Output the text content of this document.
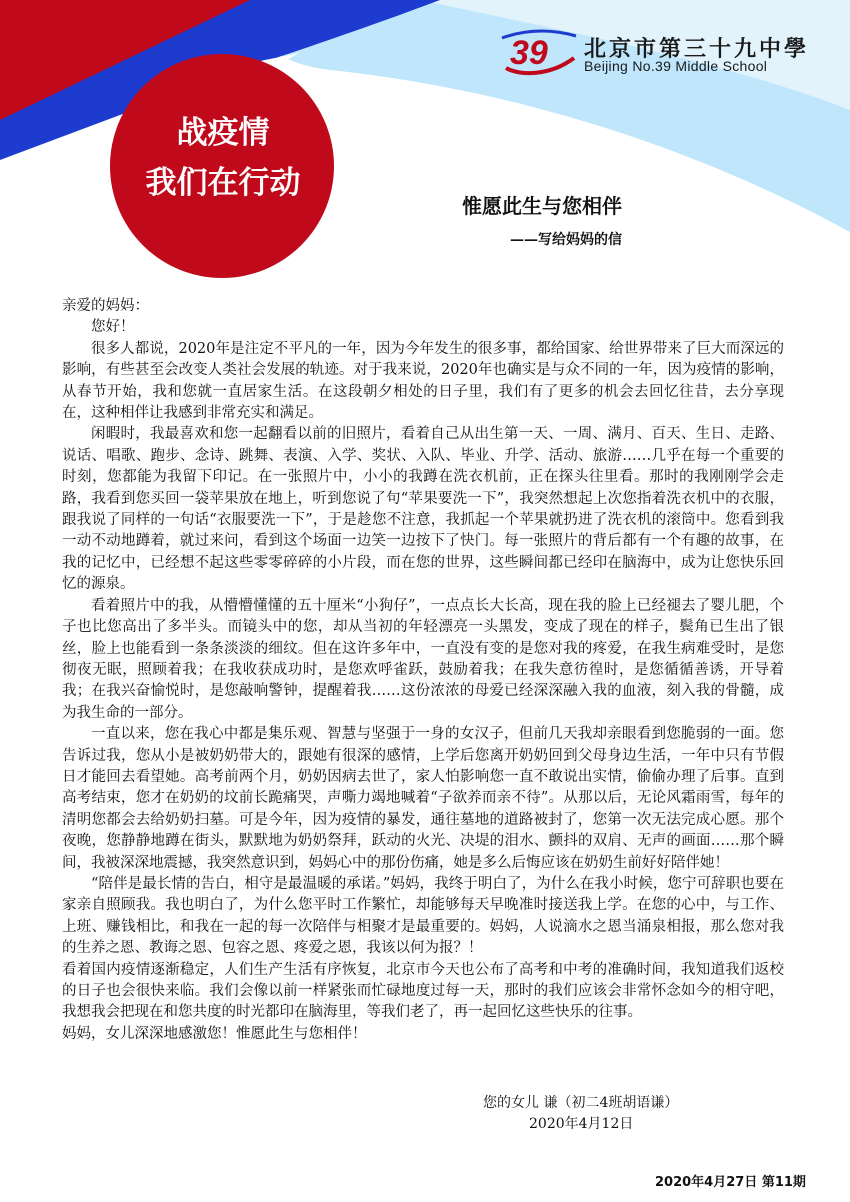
39 北京市第三十九中學
Beijing No.39 Middle School
战疫情
我们在行动
惟愿此生与您相伴
——写给妈妈的信

亲爱的妈妈：

您好！

很多人都说，2020年是注定不平凡的一年，因为今年发生的很多事，都给国家、给世界带来了巨大而深远的影响，有些甚至会改变人类社会发展的轨迹。对于我来说，2020年也确实是与众不同的一年，因为疫情的影响，从春节开始，我和您就一直居家生活。在这段朝夕相处的日子里，我们有了更多的机会去回忆往昔，去分享现在，这种相伴让我感到非常充实和满足。

闲暇时，我最喜欢和您一起翻看以前的旧照片，看着自己从出生第一天、一周、满月、百天、生日、走路、说话、唱歌、跑步、念诗、跳舞、表演、入学、奖状、入队、毕业、升学、活动、旅游……几乎在每一个重要的时刻，您都能为我留下印记。在一张照片中，小小的我蹲在洗衣机前，正在探头往里看。那时的我刚刚学会走路，我看到您买回一袋苹果放在地上，听到您说了句“苹果要洗一下”，我突然想起上次您指着洗衣机中的衣服，跟我说了同样的一句话“衣服要洗一下”，于是趁您不注意，我抓起一个苹果就扔进了洗衣机的滚筒中。您看到我一动不动地蹲着，就过来问，看到这个场面一边笑一边按下了快门。每一张照片的背后都有一个有趣的故事，在我的记忆中，已经想不起这些零零碎碎的小片段，而在您的世界，这些瞬间都已经印在脑海中，成为让您快乐回忆的源泉。

看着照片中的我，从懵懵懂懂的五十厘米“小狗仔”，一点点长大长高，现在我的脸上已经褪去了婴儿肥，个子也比您高出了多半头。而镜头中的您，却从当初的年轻漂亮一头黑发，变成了现在的样子，鬓角已生出了银丝，脸上也能看到一条条淡淡的细纹。但在这许多年中，一直没有变的是您对我的疼爱，在我生病难受时，是您彻夜无眠，照顾着我；在我收获成功时，是您欢呼雀跃，鼓励着我；在我失意彷徨时，是您循循善诱，开导着我；在我兴奋愉悦时，是您敲响警钟，提醒着我……这份浓浓的母爱已经深深融入我的血液，刻入我的骨髓，成为我生命的一部分。

一直以来，您在我心中都是集乐观、智慧与坚强于一身的女汉子，但前几天我却亲眼看到您脆弱的一面。您告诉过我，您从小是被奶奶带大的，跟她有很深的感情，上学后您离开奶奶回到父母身边生活，一年中只有节假日才能回去看望她。高考前两个月，奶奶因病去世了，家人怕影响您一直不敢说出实情，偷偷办理了后事。直到高考结束，您才在奶奶的坟前长跪痛哭，声嘶力竭地喊着“子欲养而亲不待”。从那以后，无论风霜雨雪，每年的清明您都会去给奶奶扫墓。可是今年，因为疫情的暴发，通往墓地的道路被封了，您第一次无法完成心愿。那个夜晚，您静静地蹲在街头，默默地为奶奶祭拜，跃动的火光、决堤的泪水、颤抖的双肩、无声的画面……那个瞬间，我被深深地震撼，我突然意识到，妈妈心中的那份伤痛，她是多么后悔应该在奶奶生前好好陪伴她！

“陪伴是最长情的告白，相守是最温暖的承诺。”妈妈，我终于明白了，为什么在我小时候，您宁可辞职也要在家亲自照顾我。我也明白了，为什么您平时工作繁忙，却能够每天早晚准时接送我上学。在您的心中，与工作、上班、赚钱相比，和我在一起的每一次陪伴与相聚才是最重要的。妈妈，人说滴水之恩当涌泉相报，那么您对我的生养之恩、教诲之恩、包容之恩、疼爱之恩，我该以何为报？！

看着国内疫情逐渐稳定，人们生产生活有序恢复，北京市今天也公布了高考和中考的准确时间，我知道我们返校的日子也会很快来临。我们会像以前一样紧张而忙碌地度过每一天，那时的我们应该会非常怀念如今的相守吧，我想我会把现在和您共度的时光都印在脑海里，等我们老了，再一起回忆这些快乐的往事。

妈妈，女儿深深地感激您！惟愿此生与您相伴！

您的女儿 谦（初二4班胡语谦）
2020年4月12日
2020年4月27日 第11期
